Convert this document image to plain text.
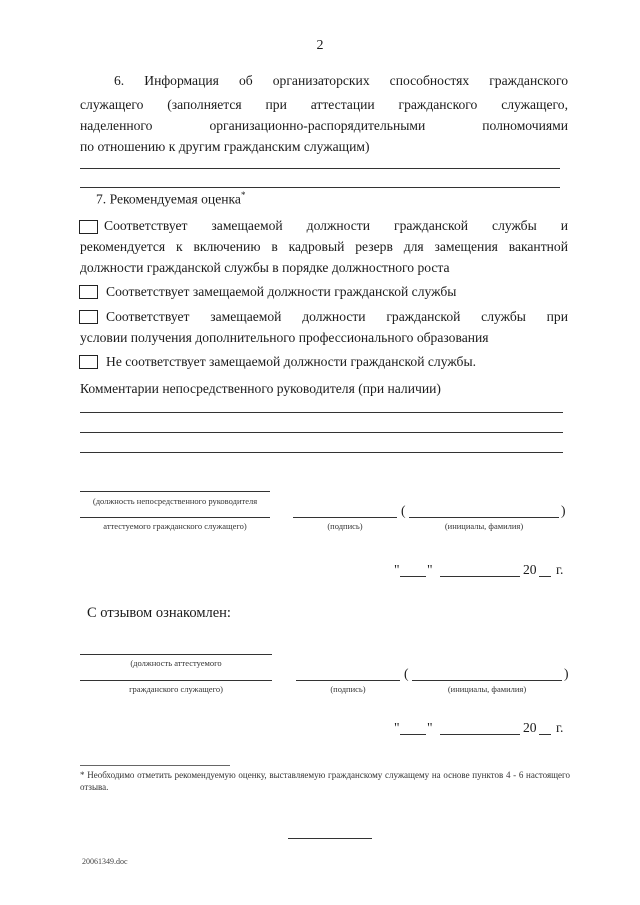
2
6. Информация об организаторских способностях гражданского
служащего (заполняется при аттестации гражданского служащего,
наделенного организационно-распорядительными полномочиями
по отношению к другим гражданским служащим)
7. Рекомендуемая оценка*
Соответствует замещаемой должности гражданской службы и
рекомендуется к включению в кадровый резерв для замещения вакантной
должности гражданской службы в порядке должностного роста
Соответствует замещаемой должности гражданской службы
Соответствует замещаемой должности гражданской службы при
условии получения дополнительного профессионального образования
Не соответствует замещаемой должности гражданской службы.
Комментарии непосредственного руководителя (при наличии)
(должность непосредственного руководителя
аттестуемого гражданского служащего)	(подпись)
(	)
(инициалы, фамилия)
" "	20 г.
С отзывом ознакомлен:
(должность аттестуемого
гражданского служащего)	(подпись)
(	)
(инициалы, фамилия)
" "	20 г.
* Необходимо отметить рекомендуемую оценку, выставляемую гражданскому служащему на основе пунктов 4 - 6 настоящего отзыва.
20061349.doc
